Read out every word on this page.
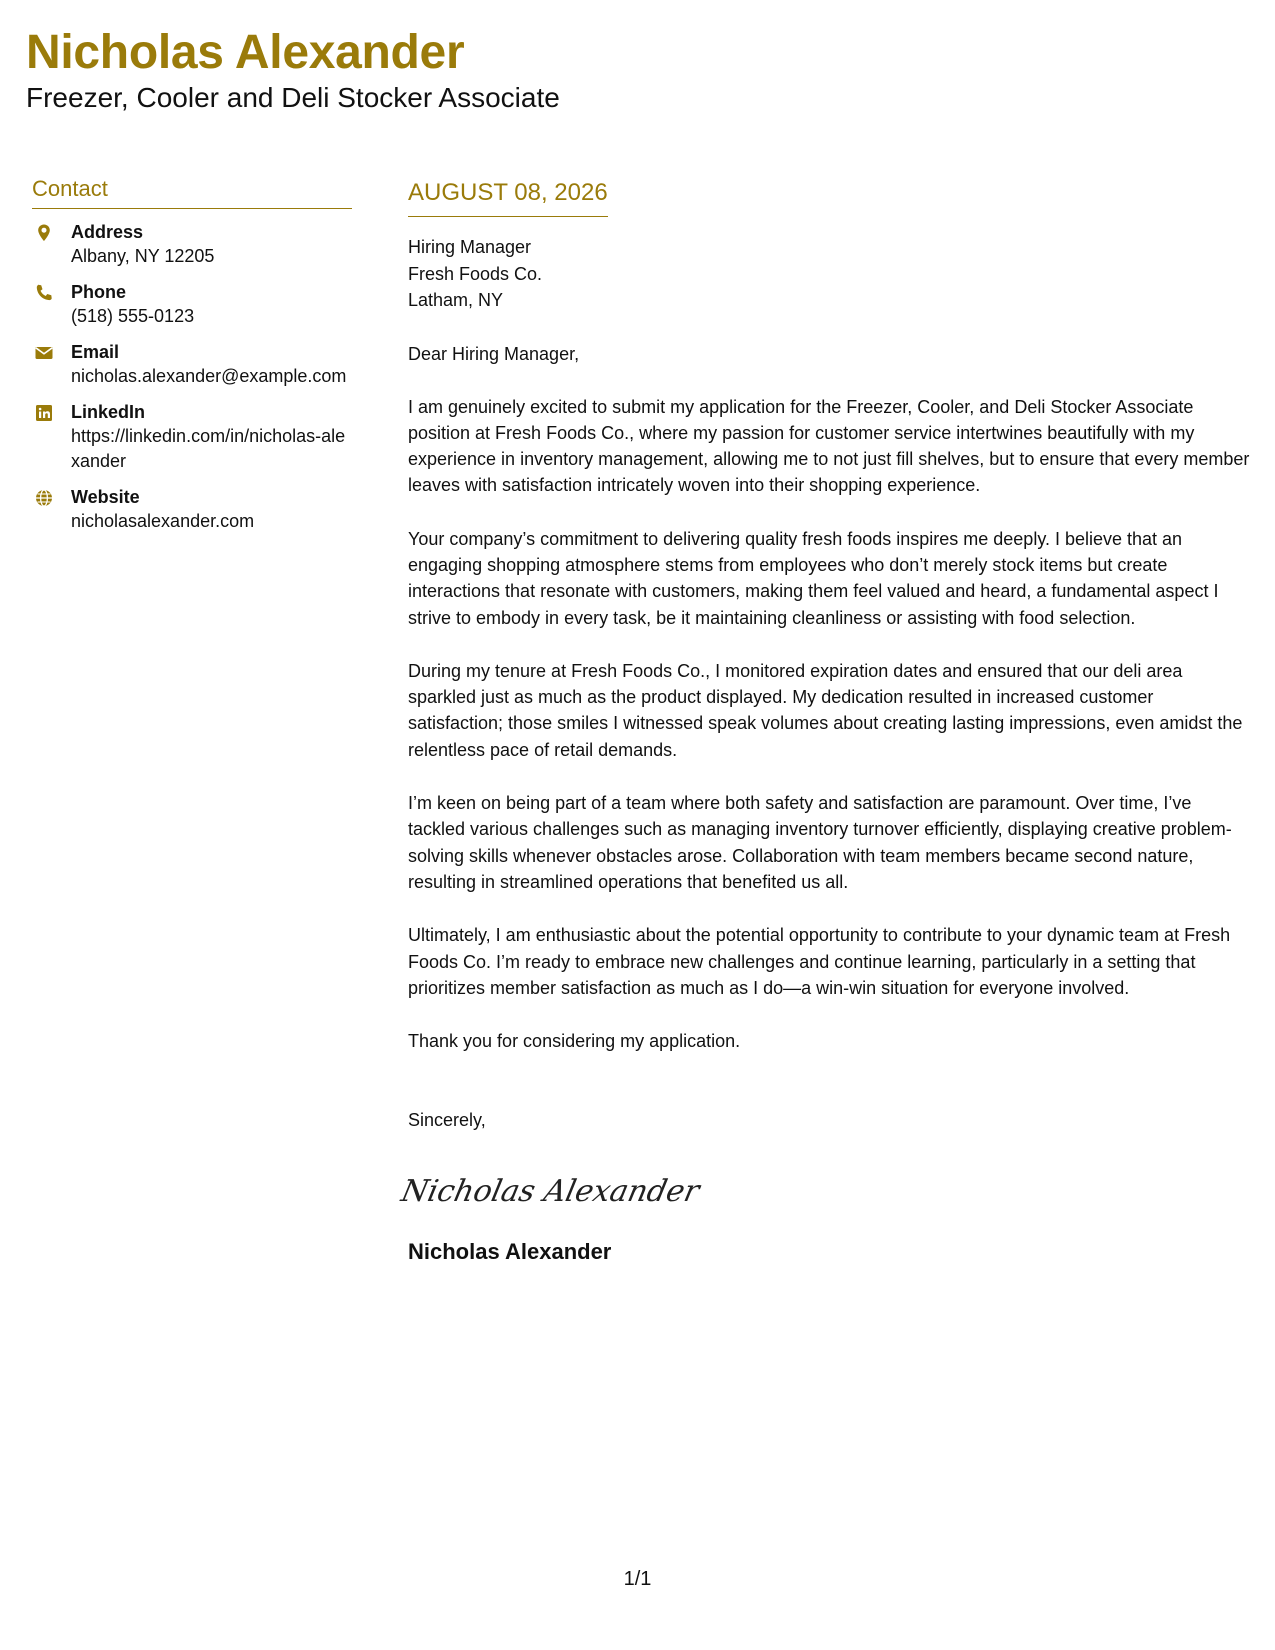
Nicholas Alexander
Freezer, Cooler and Deli Stocker Associate
Contact
Address
Albany, NY 12205
Phone
(518) 555-0123
Email
nicholas.alexander@example.com
LinkedIn
https://linkedin.com/in/nicholas-alexander
Website
nicholasalexander.com
AUGUST 08, 2026
Hiring Manager
Fresh Foods Co.
Latham, NY
Dear Hiring Manager,

I am genuinely excited to submit my application for the Freezer, Cooler, and Deli Stocker Associate position at Fresh Foods Co., where my passion for customer service intertwines beautifully with my experience in inventory management, allowing me to not just fill shelves, but to ensure that every member leaves with satisfaction intricately woven into their shopping experience.

Your company’s commitment to delivering quality fresh foods inspires me deeply. I believe that an engaging shopping atmosphere stems from employees who don’t merely stock items but create interactions that resonate with customers, making them feel valued and heard, a fundamental aspect I strive to embody in every task, be it maintaining cleanliness or assisting with food selection.

During my tenure at Fresh Foods Co., I monitored expiration dates and ensured that our deli area sparkled just as much as the product displayed. My dedication resulted in increased customer satisfaction; those smiles I witnessed speak volumes about creating lasting impressions, even amidst the relentless pace of retail demands.

I’m keen on being part of a team where both safety and satisfaction are paramount. Over time, I’ve tackled various challenges such as managing inventory turnover efficiently, displaying creative problem-solving skills whenever obstacles arose. Collaboration with team members became second nature, resulting in streamlined operations that benefited us all.

Ultimately, I am enthusiastic about the potential opportunity to contribute to your dynamic team at Fresh Foods Co. I’m ready to embrace new challenges and continue learning, particularly in a setting that prioritizes member satisfaction as much as I do—a win-win situation for everyone involved.

Thank you for considering my application.

Sincerely,
Nicholas Alexander
Nicholas Alexander
1/1
